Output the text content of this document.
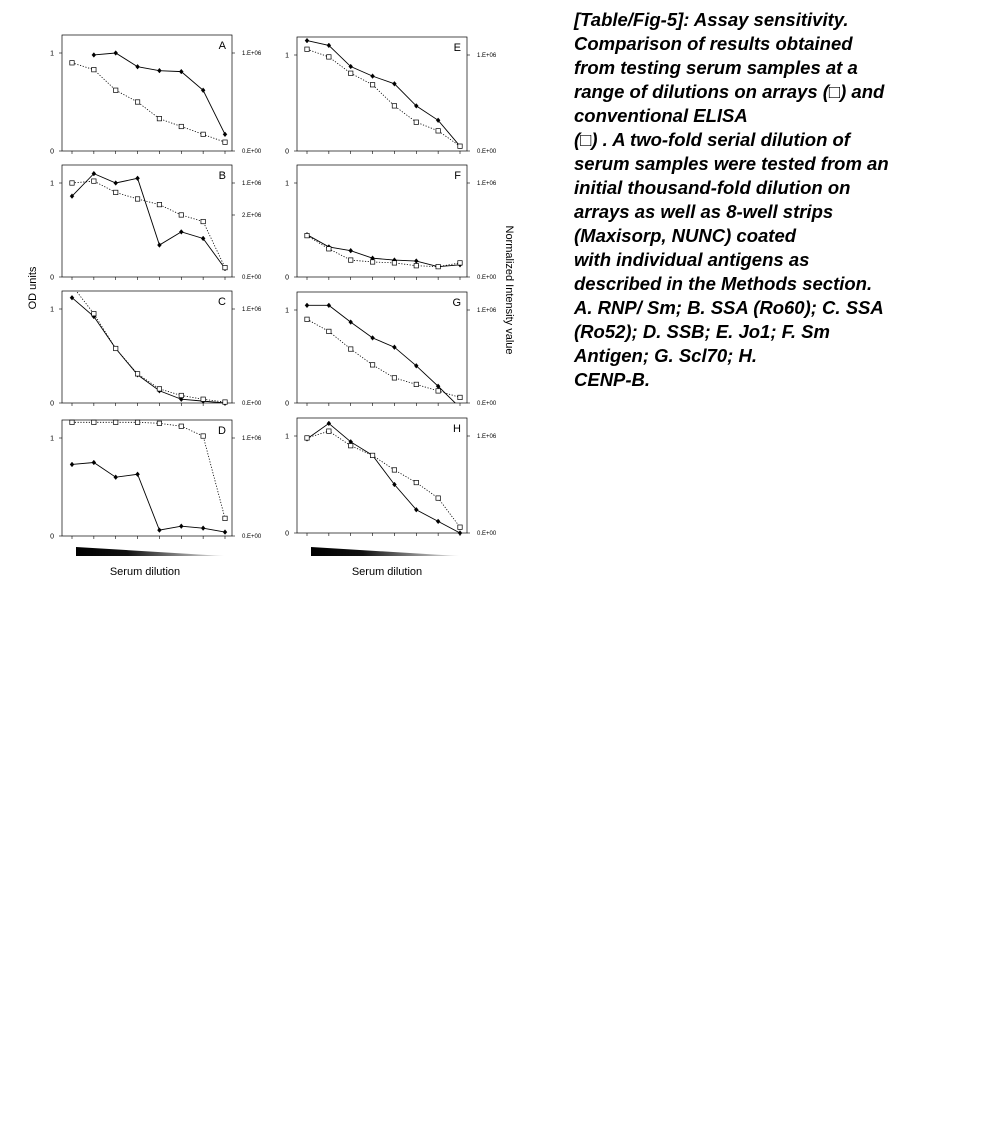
0
1
0.E+00
1.E+06
A
0
1
0.E+00
1.E+06
B
0
1
0.E+00
1.E+06
2.E+06
C
0
1
0.E+00
1.E+06
D
0
1
0.E+00
1.E+06
E
0
1
0.E+00
1.E+06
F
0
1
0.E+00
1.E+06
G
0
1
0.E+00
1.E+06
H
OD units	Normalized Intensity value
Serum dilution	Serum dilution
[Table/Fig-5]: Assay sensitivity.
Comparison of results obtained
from testing serum samples at a
range of dilutions on arrays (□) and
conventional ELISA
(□) . A two-fold serial dilution of
serum samples were tested from an
initial thousand-fold dilution on
arrays as well as 8-well strips
(Maxisorp, NUNC) coated
with individual antigens as
described in the Methods section.
A. RNP/ Sm; B. SSA (Ro60); C. SSA
(Ro52); D. SSB; E. Jo1; F. Sm
Antigen; G. Scl70; H.
CENP-B.
